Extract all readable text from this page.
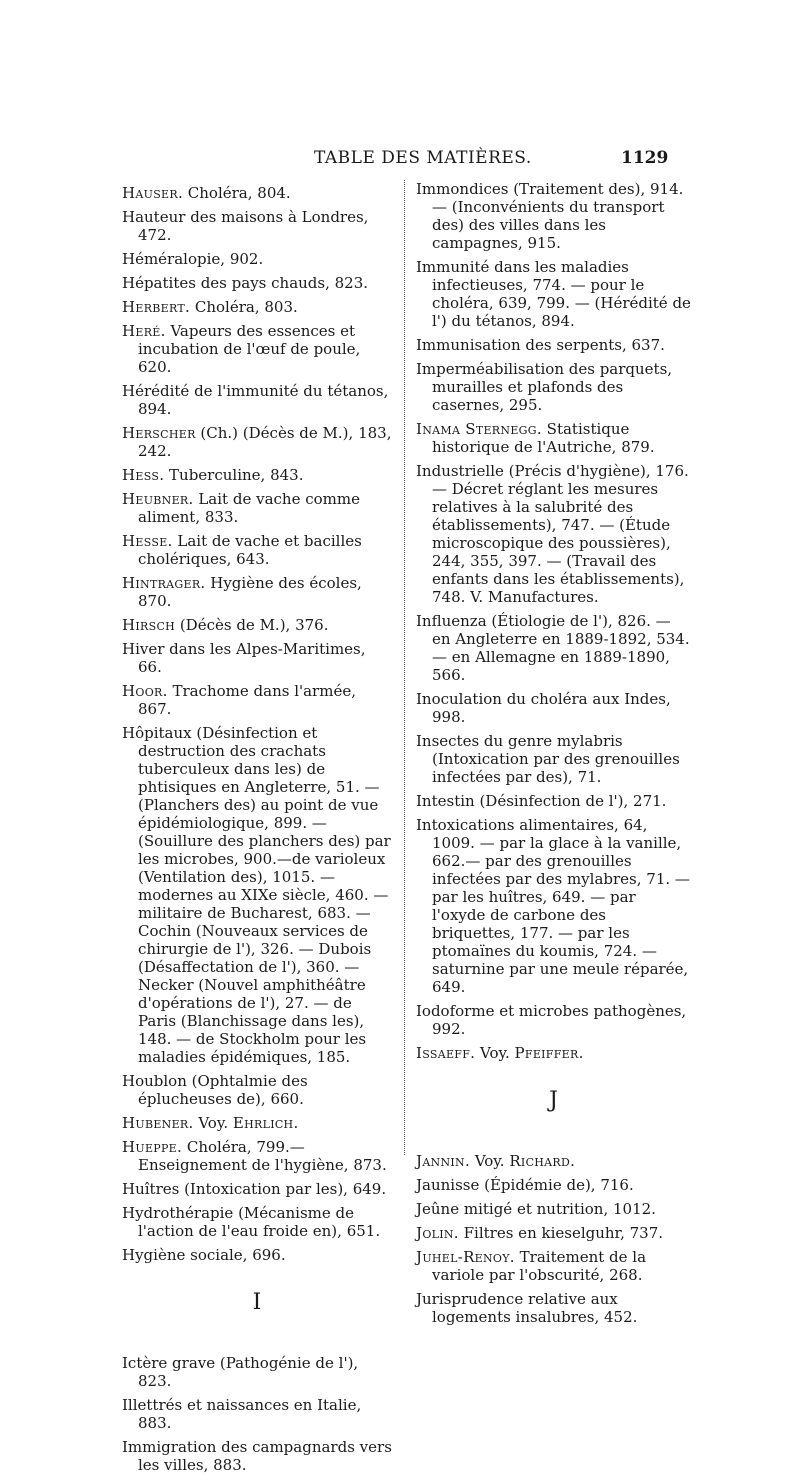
TABLE DES MATIÈRES.	1129
Hauser. Choléra, 804.
Hauteur des maisons à Londres, 472.
Héméralopie, 902.
Hépatites des pays chauds, 823.
Herbert. Choléra, 803.
Heré. Vapeurs des essences et incubation de l'œuf de poule, 620.
Hérédité de l'immunité du tétanos, 894.
Herscher (Ch.) (Décès de M.), 183, 242.
Hess. Tuberculine, 843.
Heubner. Lait de vache comme aliment, 833.
Hesse. Lait de vache et bacilles cholériques, 643.
Hintrager. Hygiène des écoles, 870.
Hirsch (Décès de M.), 376.
Hiver dans les Alpes-Maritimes, 66.
Hoor. Trachome dans l'armée, 867.
Hôpitaux (Désinfection et destruction des crachats tuberculeux dans les) de phtisiques en Angleterre, 51. — (Planchers des) au point de vue épidémiologique, 899. — (Souillure des planchers des) par les microbes, 900.—de varioleux (Ventilation des), 1015. — modernes au XIXe siècle, 460. — militaire de Bucharest, 683. — Cochin (Nouveaux services de chirurgie de l'), 326. — Dubois (Désaffectation de l'), 360. — Necker (Nouvel amphithéâtre d'opérations de l'), 27. — de Paris (Blanchissage dans les), 148. — de Stockholm pour les maladies épidémiques, 185.
Houblon (Ophtalmie des éplucheuses de), 660.
Hubener. Voy. Ehrlich.
Hueppe. Choléra, 799.—Enseignement de l'hygiène, 873.
Huîtres (Intoxication par les), 649.
Hydrothérapie (Mécanisme de l'action de l'eau froide en), 651.
Hygiène sociale, 696.
I
Ictère grave (Pathogénie de l'), 823.
Illettrés et naissances en Italie, 883.
Immigration des campagnards vers les villes, 883.
Immondices (Traitement des), 914. — (Inconvénients du transport des) des villes dans les campagnes, 915.
Immunité dans les maladies infectieuses, 774. — pour le choléra, 639, 799. — (Hérédité de l') du tétanos, 894.
Immunisation des serpents, 637.
Imperméabilisation des parquets, murailles et plafonds des casernes, 295.
Inama Sternegg. Statistique historique de l'Autriche, 879.
Industrielle (Précis d'hygiène), 176.— Décret réglant les mesures relatives à la salubrité des établissements), 747. — (Étude microscopique des poussières), 244, 355, 397. — (Travail des enfants dans les établissements), 748. V. Manufactures.
Influenza (Étiologie de l'), 826. — en Angleterre en 1889-1892, 534. — en Allemagne en 1889-1890, 566.
Inoculation du choléra aux Indes, 998.
Insectes du genre mylabris (Intoxication par des grenouilles infectées par des), 71.
Intestin (Désinfection de l'), 271.
Intoxications alimentaires, 64, 1009. — par la glace à la vanille, 662.— par des grenouilles infectées par des mylabres, 71. — par les huîtres, 649. — par l'oxyde de carbone des briquettes, 177. — par les ptomaïnes du koumis, 724. — saturnine par une meule réparée, 649.
Iodoforme et microbes pathogènes, 992.
Issaeff. Voy. Pfeiffer.
J
Jannin. Voy. Richard.
Jaunisse (Épidémie de), 716.
Jeûne mitigé et nutrition, 1012.
Jolin. Filtres en kieselguhr, 737.
Juhel-Renoy. Traitement de la variole par l'obscurité, 268.
Jurisprudence relative aux logements insalubres, 452.
